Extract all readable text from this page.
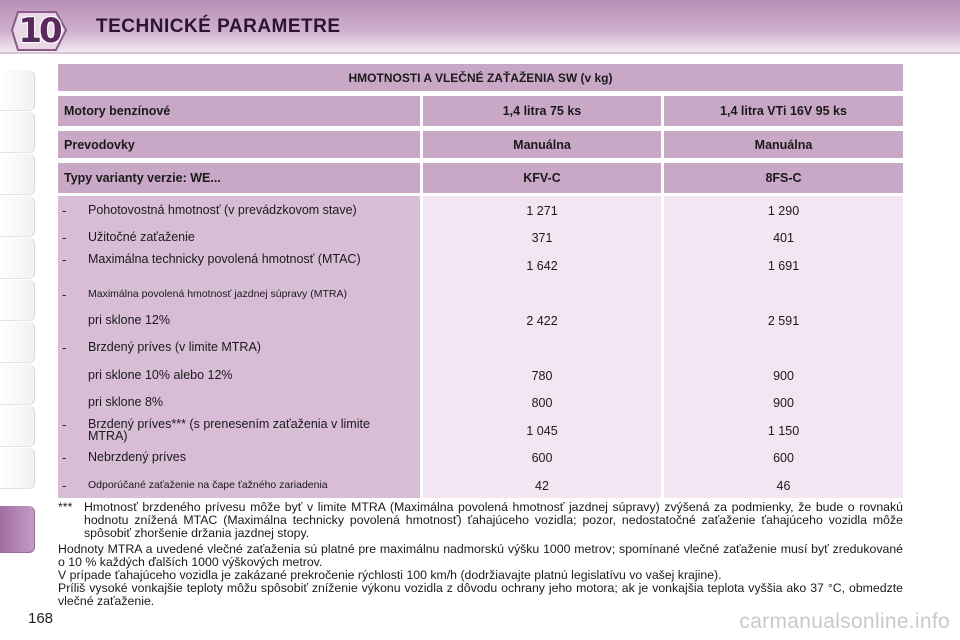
10 TECHNICKÉ PARAMETRE
HMOTNOSTI A VLEČNÉ ZAŤAŽENIA SW (v kg)
Motory benzínové	1,4 litra 75 ks	1,4 litra VTi 16V 95 ks
Prevodovky	Manuálna	Manuálna
Typy varianty verzie: WE...	KFV-C	8FS-C
- Pohotovostná hmotnosť (v prevádzkovom stave)	1 271	1 290
- Užitočné zaťaženie	371	401
- Maximálna technicky povolená hmotnosť (MTAC)	1 642	1 691
- Maximálna povolená hmotnosť jazdnej súpravy (MTRA)
pri sklone 12%	2 422	2 591
- Brzdený príves (v limite MTRA)
pri sklone 10% alebo 12%	780	900
pri sklone 8%	800	900
- Brzdený príves*** (s prenesením zaťaženia v limite MTRA)	1 045	1 150
- Nebrzdený príves	600	600
- Odporúčané zaťaženie na čape ťažného zariadenia	42	46
*** Hmotnosť brzdeného prívesu môže byť v limite MTRA (Maximálna povolená hmotnosť jazdnej súpravy) zvýšená za podmienky, že bude o rovnakú hodnotu znížená MTAC (Maximálna technicky povolená hmotnosť) ťahajúceho vozidla; pozor, nedostatočné zaťaženie ťahajúceho vozidla môže spôsobiť zhoršenie držania jazdnej stopy.
Hodnoty MTRA a uvedené vlečné zaťaženia sú platné pre maximálnu nadmorskú výšku 1000 metrov; spomínané vlečné zaťaženie musí byť zredukované o 10 % každých ďalších 1000 výškových metrov.
V prípade ťahajúceho vozidla je zakázané prekročenie rýchlosti 100 km/h (dodržiavajte platnú legislatívu vo vašej krajine).
Príliš vysoké vonkajšie teploty môžu spôsobiť zníženie výkonu vozidla z dôvodu ochrany jeho motora; ak je vonkajšia teplota vyššia ako 37 °C, obmedzte vlečné zaťaženie.
168	carmanualsonline.info
